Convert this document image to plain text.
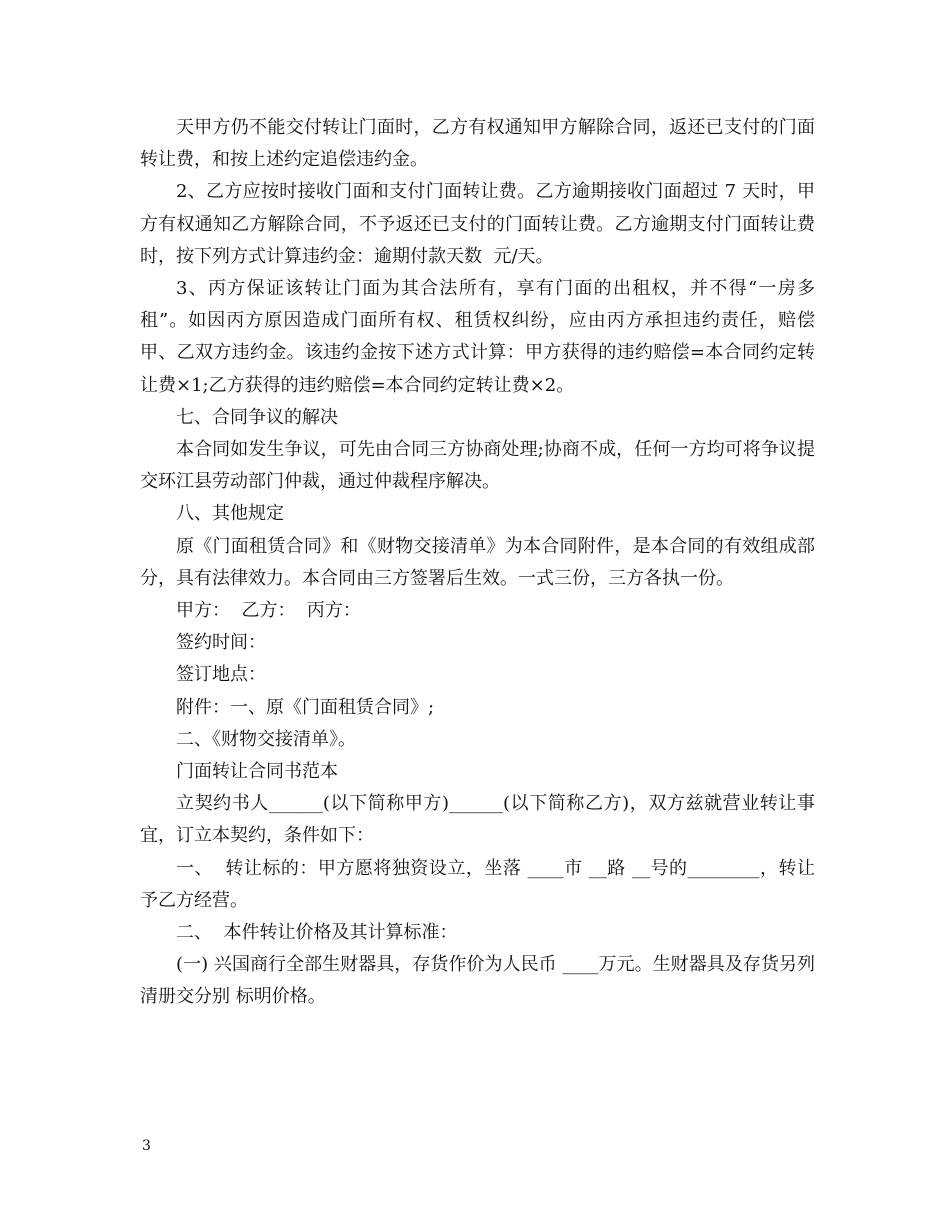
天甲方仍不能交付转让门面时，乙方有权通知甲方解除合同，返还已支付的门面转让费，和按上述约定追偿违约金。

2、乙方应按时接收门面和支付门面转让费。乙方逾期接收门面超过 7 天时，甲方有权通知乙方解除合同，不予返还已支付的门面转让费。乙方逾期支付门面转让费时，按下列方式计算违约金：逾期付款天数  元/天。

3、丙方保证该转让门面为其合法所有，享有门面的出租权，并不得“一房多租”。如因丙方原因造成门面所有权、租赁权纠纷，应由丙方承担违约责任，赔偿甲、乙双方违约金。该违约金按下述方式计算：甲方获得的违约赔偿=本合同约定转让费×1;乙方获得的违约赔偿=本合同约定转让费×2。

七、合同争议的解决

本合同如发生争议，可先由合同三方协商处理;协商不成，任何一方均可将争议提交环江县劳动部门仲裁，通过仲裁程序解决。

八、其他规定

原《门面租赁合同》和《财物交接清单》为本合同附件，是本合同的有效组成部分，具有法律效力。本合同由三方签署后生效。一式三份，三方各执一份。

甲方：  乙方：  丙方：

签约时间：

签订地点：

附件：一、原《门面租赁合同》;

二、《财物交接清单》。

门面转让合同书范本

立契约书人______(以下简称甲方)______(以下简称乙方)，双方兹就营业转让事宜，订立本契约，条件如下：

一、  转让标的：甲方愿将独资设立，坐落 ____市 __路 __号的________，转让予乙方经营。

二、  本件转让价格及其计算标准：

(一) 兴国商行全部生财器具，存货作价为人民币 ____万元。生财器具及存货另列清册交分别 标明价格。

3
